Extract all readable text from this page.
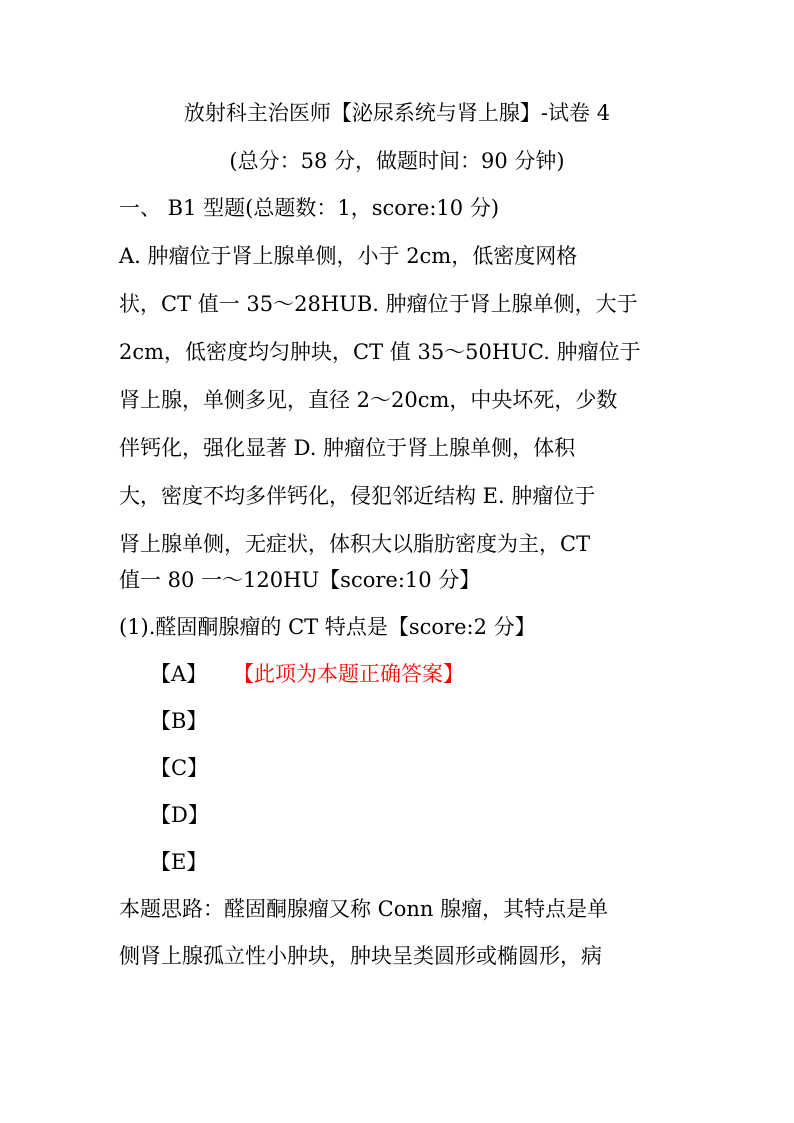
放射科主治医师【泌尿系统与肾上腺】-试卷 4
(总分：58 分，做题时间：90 分钟)
一、 B1 型题(总题数：1，score:10 分)
A. 肿瘤位于肾上腺单侧，小于 2cm，低密度网格
状，CT 值一 35～28HUB. 肿瘤位于肾上腺单侧，大于
2cm，低密度均匀肿块，CT 值 35～50HUC. 肿瘤位于
肾上腺，单侧多见，直径 2～20cm，中央坏死，少数
伴钙化，强化显著 D. 肿瘤位于肾上腺单侧，体积
大，密度不均多伴钙化，侵犯邻近结构 E. 肿瘤位于
肾上腺单侧，无症状，体积大以脂肪密度为主，CT
值一 80 一～120HU【score:10 分】
(1).醛固酮腺瘤的 CT 特点是【score:2 分】
【A】 【此项为本题正确答案】
【B】
【C】
【D】
【E】
本题思路：醛固酮腺瘤又称 Conn 腺瘤，其特点是单
侧肾上腺孤立性小肿块，肿块呈类圆形或椭圆形，病
